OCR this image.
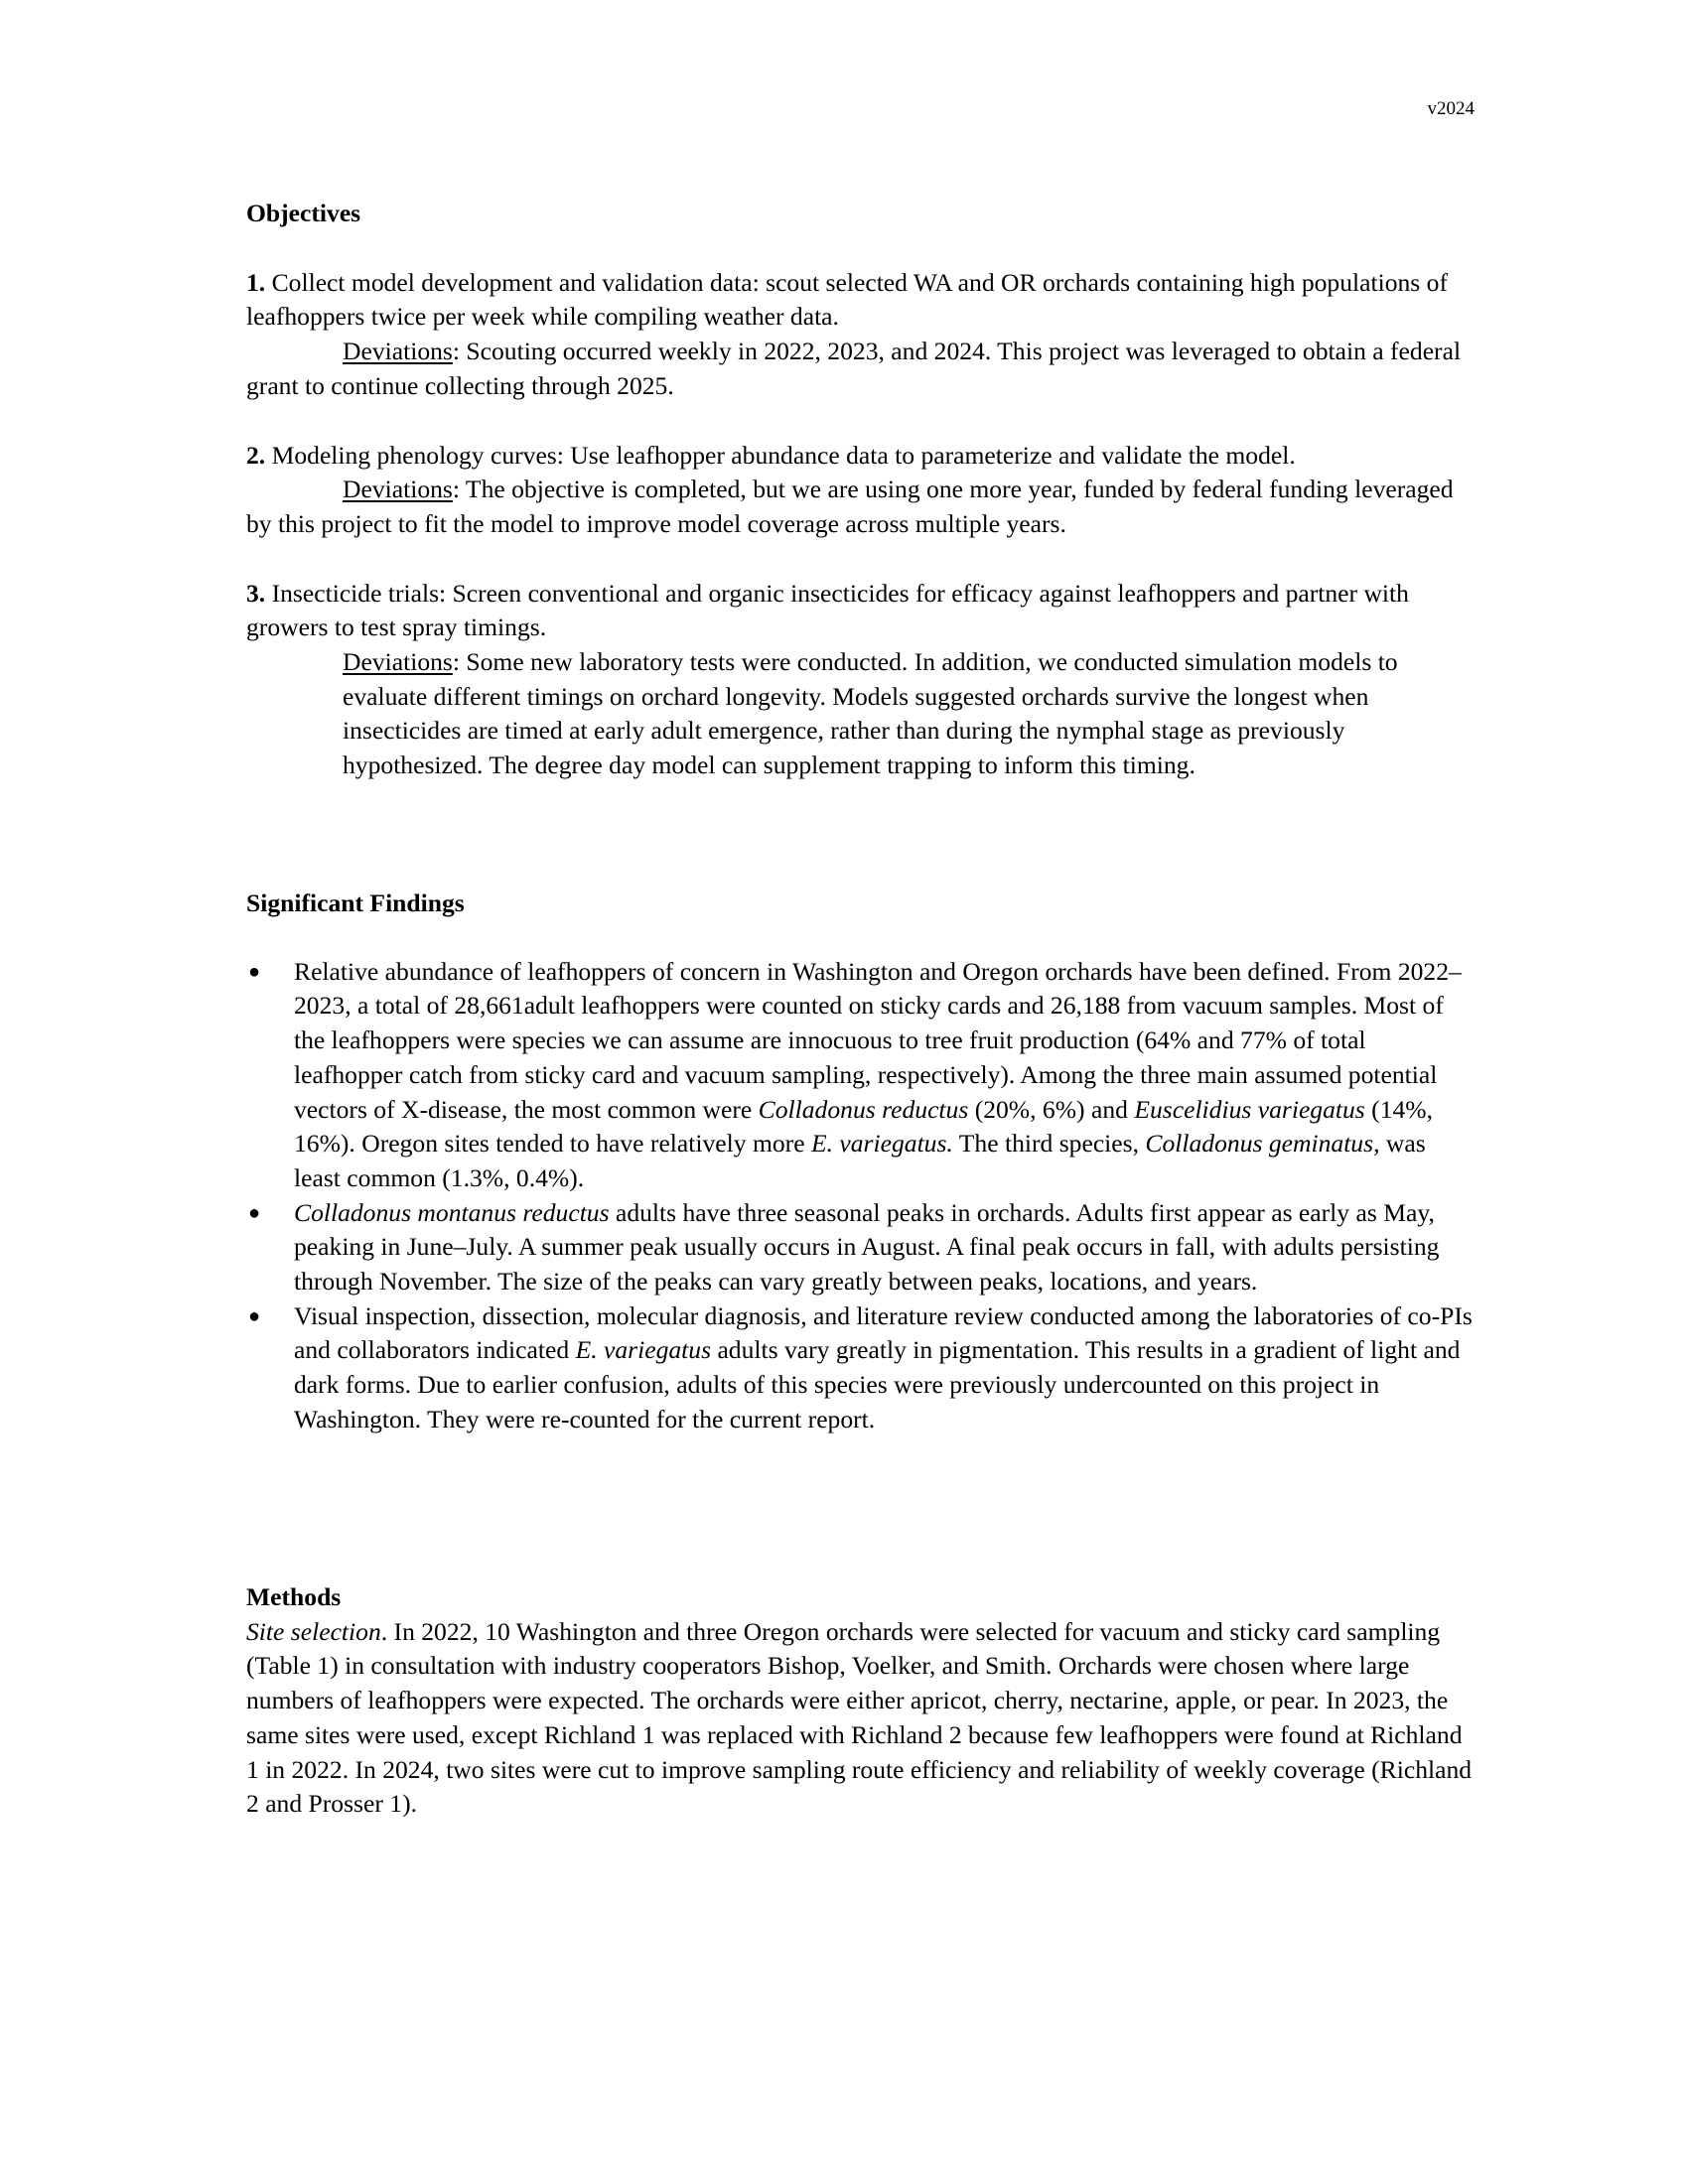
v2024

Objectives

1. Collect model development and validation data: scout selected WA and OR orchards containing high populations of leafhoppers twice per week while compiling weather data.

Deviations: Scouting occurred weekly in 2022, 2023, and 2024. This project was leveraged to obtain a federal grant to continue collecting through 2025.

2. Modeling phenology curves: Use leafhopper abundance data to parameterize and validate the model.

Deviations: The objective is completed, but we are using one more year, funded by federal funding leveraged by this project to fit the model to improve model coverage across multiple years.

3. Insecticide trials: Screen conventional and organic insecticides for efficacy against leafhoppers and partner with growers to test spray timings.

Deviations: Some new laboratory tests were conducted. In addition, we conducted simulation models to evaluate different timings on orchard longevity. Models suggested orchards survive the longest when insecticides are timed at early adult emergence, rather than during the nymphal stage as previously hypothesized. The degree day model can supplement trapping to inform this timing.

Significant Findings

● Relative abundance of leafhoppers of concern in Washington and Oregon orchards have been defined. From 2022–2023, a total of 28,661adult leafhoppers were counted on sticky cards and 26,188 from vacuum samples. Most of the leafhoppers were species we can assume are innocuous to tree fruit production (64% and 77% of total leafhopper catch from sticky card and vacuum sampling, respectively). Among the three main assumed potential vectors of X-disease, the most common were Colladonus reductus (20%, 6%) and Euscelidius variegatus (14%, 16%). Oregon sites tended to have relatively more E. variegatus. The third species, Colladonus geminatus, was least common (1.3%, 0.4%).
● Colladonus montanus reductus adults have three seasonal peaks in orchards. Adults first appear as early as May, peaking in June–July. A summer peak usually occurs in August. A final peak occurs in fall, with adults persisting through November. The size of the peaks can vary greatly between peaks, locations, and years.
● Visual inspection, dissection, molecular diagnosis, and literature review conducted among the laboratories of co-PIs and collaborators indicated E. variegatus adults vary greatly in pigmentation. This results in a gradient of light and dark forms. Due to earlier confusion, adults of this species were previously undercounted on this project in Washington. They were re-counted for the current report.

Methods

Site selection. In 2022, 10 Washington and three Oregon orchards were selected for vacuum and sticky card sampling (Table 1) in consultation with industry cooperators Bishop, Voelker, and Smith. Orchards were chosen where large numbers of leafhoppers were expected. The orchards were either apricot, cherry, nectarine, apple, or pear. In 2023, the same sites were used, except Richland 1 was replaced with Richland 2 because few leafhoppers were found at Richland 1 in 2022. In 2024, two sites were cut to improve sampling route efficiency and reliability of weekly coverage (Richland 2 and Prosser 1).
